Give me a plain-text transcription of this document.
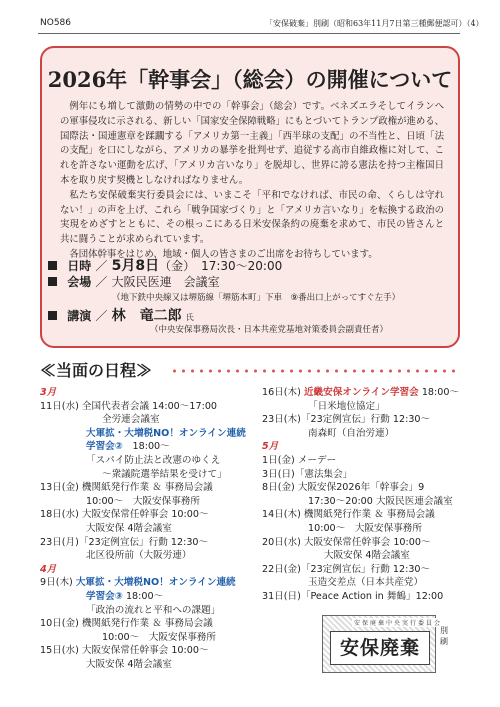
NO586	「安保破棄」別刷（昭和63年11月7日第三種郵便認可）（4）
2026年「幹事会」（総会）の開催について

例年にも増して激動の情勢の中での「幹事会」（総会）です。ベネズエラそしてイランへの軍事侵攻に示される、新しい「国家安全保障戦略」にもとづいてトランプ政権が進める、国際法・国連憲章を蹂躙する「アメリカ第一主義」「西半球の支配」の不当性と、日頃「法の支配」を口にしながら、アメリカの暴挙を批判せず、追従する高市自維政権に対して、これを許さない運動を広げ、「アメリカ言いなり」を脱却し、世界に誇る憲法を持つ主権国日本を取り戻す契機としなければなりません。

私たち安保破棄実行委員会には、いまこそ「平和でなければ、市民の命、くらしは守れない！」の声を上げ、これら「戦争国家づくり」と「アメリカ言いなり」を転換する政治の実現をめざすとともに、その根っこにある日米安保条約の廃棄を求めて、市民の皆さんと共に闘うことが求められています。

各団体幹事をはじめ、地域・個人の皆さまのご出席をお待ちしています。

日時 ／ 5月8日（金）　17:30～20:00
会場 ／ 大阪民医連　会議室
（地下鉄中央線又は堺筋線「堺筋本町」下車　⑨番出口上がってすぐ左手）
講演 ／ 林　竜二郎 氏
（中央安保事務局次長・日本共産党基地対策委員会副責任者）
≪当面の日程≫
3月
11日(水) 全国代表者会議 14:00～17:00
全労連会議室
大軍拡・大増税NO！オンライン連続
学習会②　18:00～
「スパイ防止法と改憲のゆくえ
～衆議院選挙結果を受けて」
13日(金) 機関紙発行作業 ＆ 事務局会議
10:00～　大阪安保事務所
18日(水) 大阪安保常任幹事会 10:00～
大阪安保 4階会議室
23日(月)「23定例宣伝」行動 12:30～
北区役所前（大阪労連）
4月
9日(木) 大軍拡・大増税NO！オンライン連続
学習会③ 18:00～
「政治の流れと平和への課題」
10日(金) 機関紙発行作業 ＆ 事務局会議
10:00～　大阪安保事務所
15日(水) 大阪安保常任幹事会 10:00～
大阪安保 4階会議室
16日(木) 近畿安保オンライン学習会 18:00～
「日米地位協定」
23日(木)「23定例宣伝」行動 12:30～
南森町（自治労連）
5月
1日(金) メーデー
3日(日)「憲法集会」
8日(金) 大阪安保2026年「幹事会」9
17:30～20:00 大阪民医連会議室
14日(木) 機関紙発行作業 ＆ 事務局会議
10:00～　大阪安保事務所
20日(水) 大阪安保常任幹事会 10:00～
大阪安保 4階会議室
22日(金)「23定例宣伝」行動 12:30～
玉造交差点（日本共産党）
31日(日)「Peace Action in 舞鶴」12:00
安保廃棄中央実行委員会
安保廃棄
別刷
